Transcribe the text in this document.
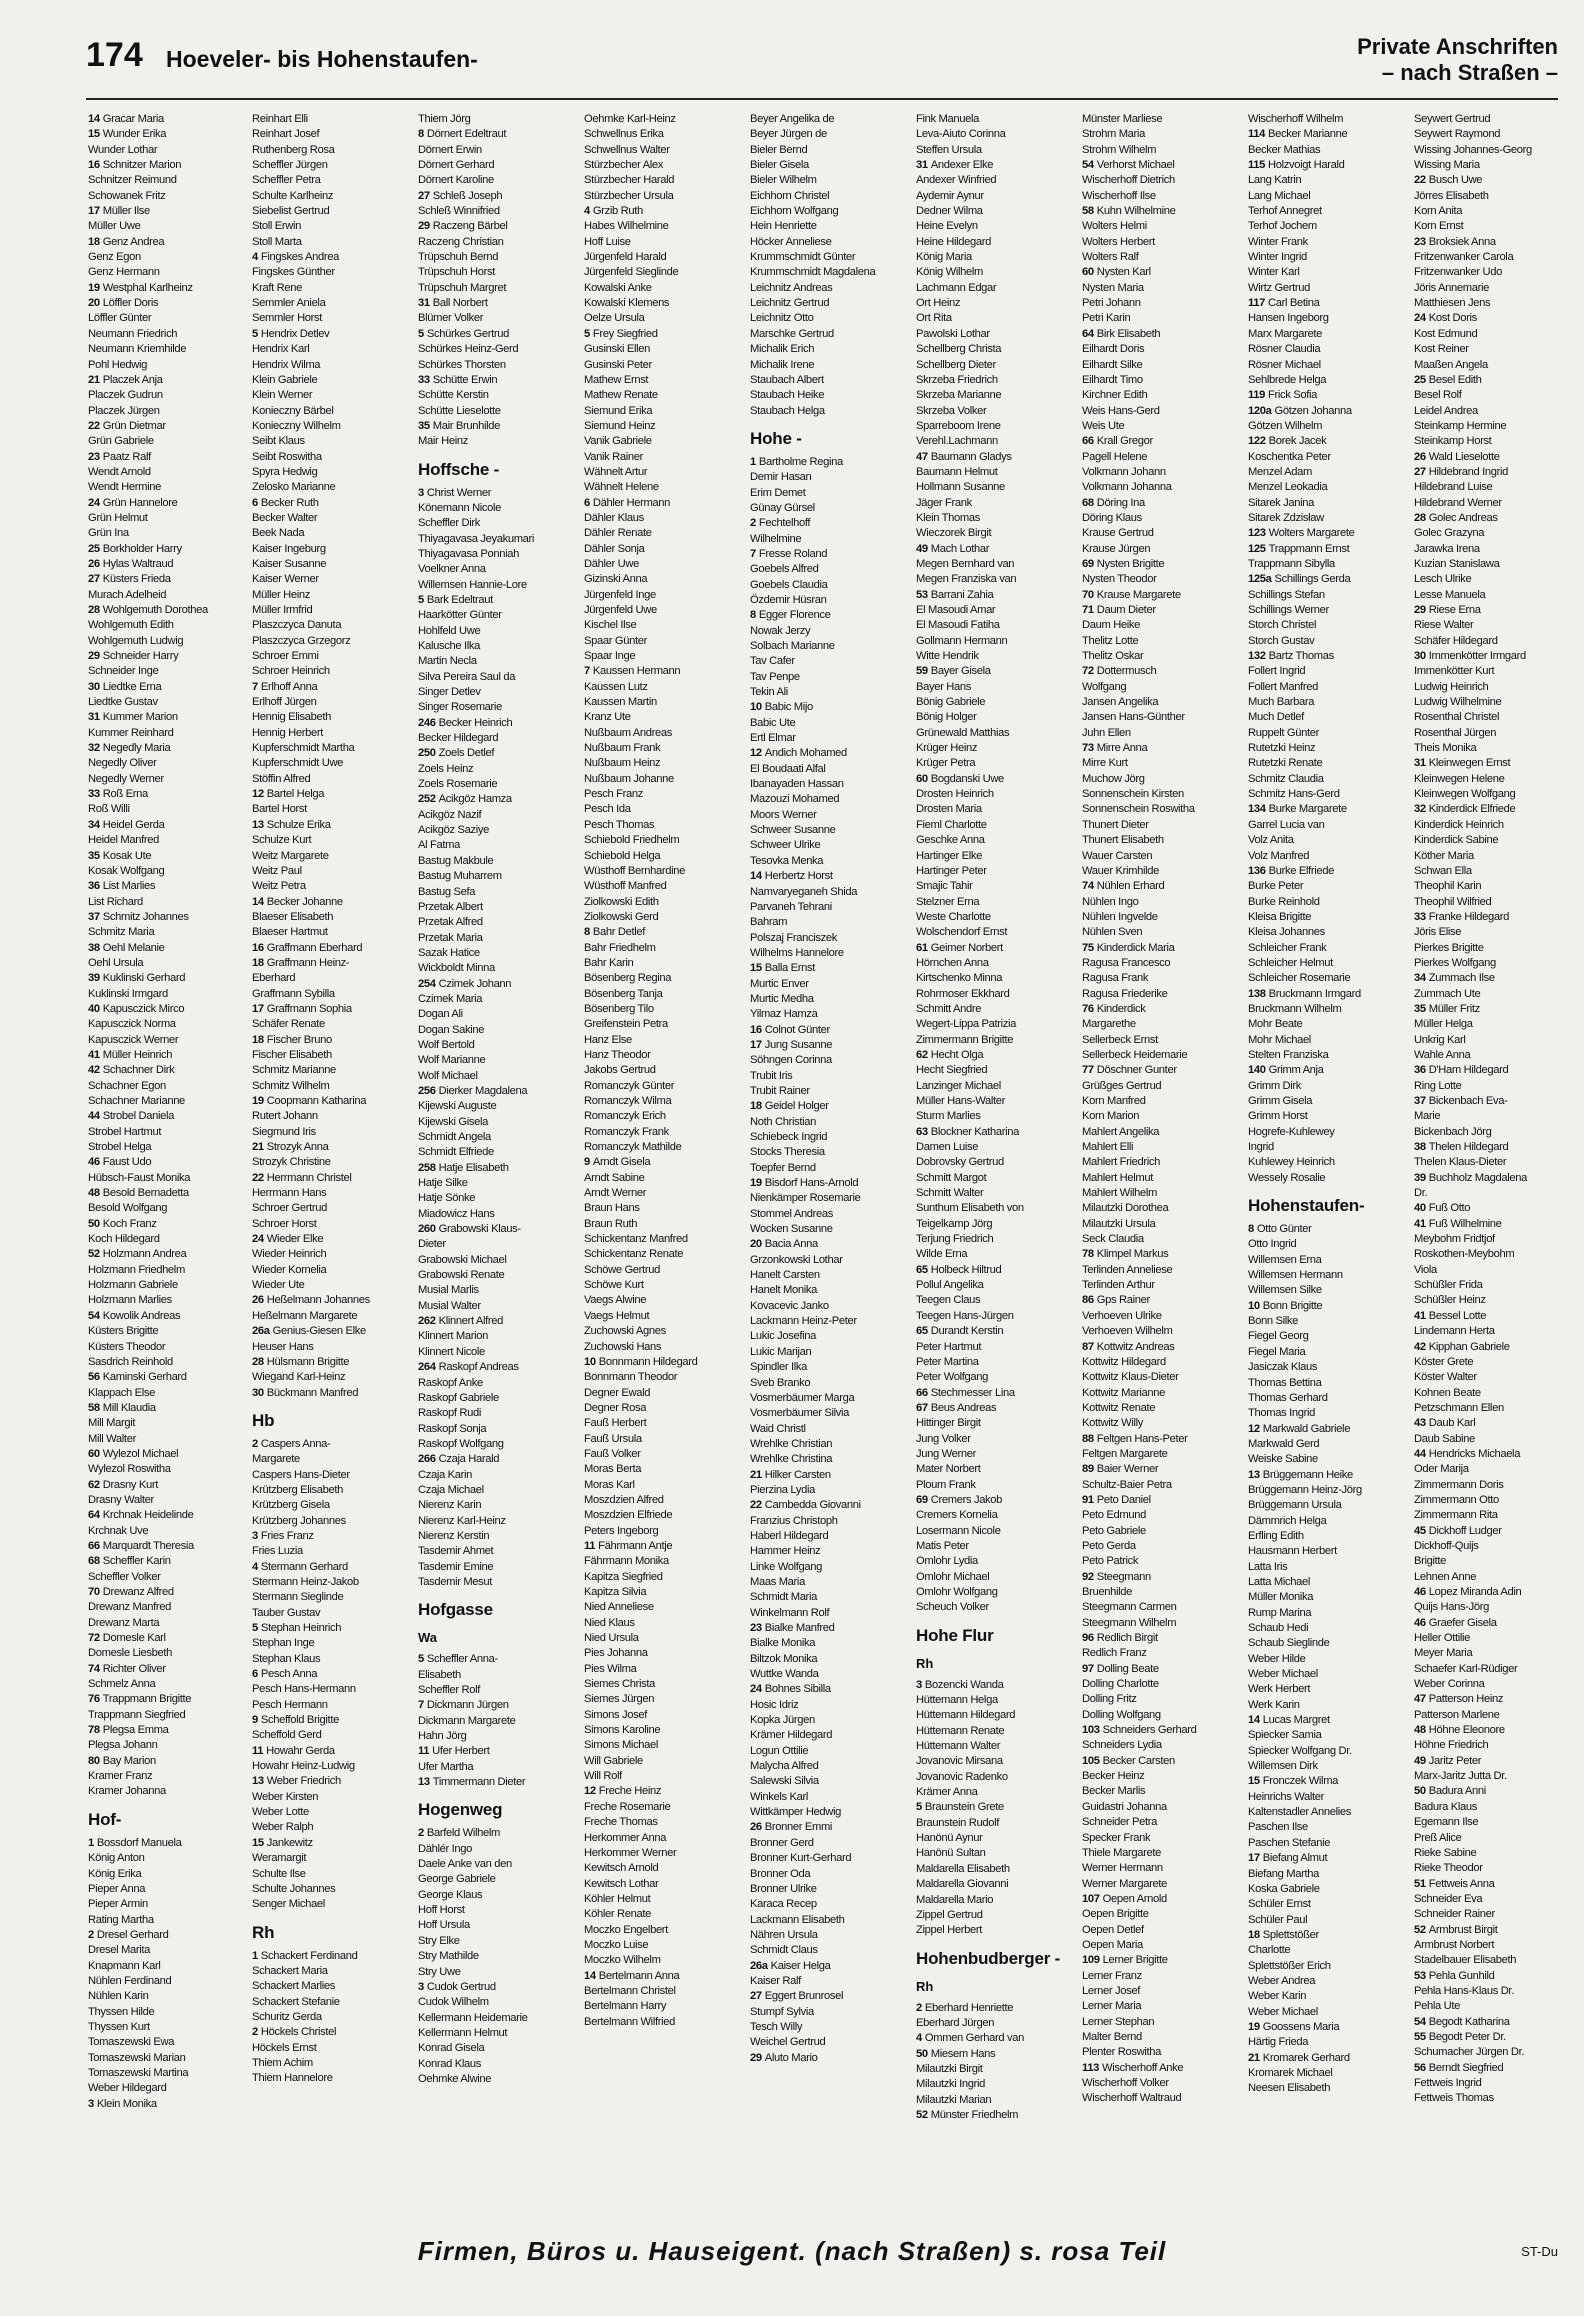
174 Hoeveler- bis Hohenstaufen-	Private Anschriften
– nach Straßen –
14 Gracar Maria
15 Wunder Erika
Wunder Lothar
16 Schnitzer Marion
Schnitzer Reimund
Schowanek Fritz
17 Müller Ilse
Müller Uwe
18 Genz Andrea
Genz Egon
Genz Hermann
19 Westphal Karlheinz
20 Löffler Doris
Löffler Günter
Neumann Friedrich
Neumann Kriemhilde
Pohl Hedwig
21 Placzek Anja
Placzek Gudrun
Placzek Jürgen
22 Grün Dietmar
Grün Gabriele
23 Paatz Ralf
Wendt Arnold
Wendt Hermine
24 Grün Hannelore
Grün Helmut
Grün Ina
25 Borkholder Harry
26 Hylas Waltraud
27 Küsters Frieda
Murach Adelheid
28 Wohlgemuth Dorothea
Wohlgemuth Edith
Wohlgemuth Ludwig
29 Schneider Harry
Schneider Inge
30 Liedtke Erna
Liedtke Gustav
31 Kummer Marion
Kummer Reinhard
32 Negedly Maria
Negedly Oliver
Negedly Werner
33 Roß Erna
Roß Willi
34 Heidel Gerda
Heidel Manfred
35 Kosak Ute
Kosak Wolfgang
36 List Marlies
List Richard
37 Schmitz Johannes
Schmitz Maria
38 Oehl Melanie
Oehl Ursula
39 Kuklinski Gerhard
Kuklinski Irmgard
40 Kapusczick Mirco
Kapusczick Norma
Kapusczick Werner
41 Müller Heinrich
42 Schachner Dirk
Schachner Egon
Schachner Marianne
44 Strobel Daniela
Strobel Hartmut
Strobel Helga
46 Faust Udo
Hübsch-Faust Monika
48 Besold Bernadetta
Besold Wolfgang
50 Koch Franz
Koch Hildegard
52 Holzmann Andrea
Holzmann Friedhelm
Holzmann Gabriele
Holzmann Marlies
54 Kowolik Andreas
Küsters Brigitte
Küsters Theodor
Sasdrich Reinhold
56 Kaminski Gerhard
Klappach Else
58 Mill Klaudia
Mill Margit
Mill Walter
60 Wylezol Michael
Wylezol Roswitha
62 Drasny Kurt
Drasny Walter
64 Krchnak Heidelinde
Krchnak Uve
66 Marquardt Theresia
68 Scheffler Karin
Scheffler Volker
70 Drewanz Alfred
Drewanz Manfred
Drewanz Marta
72 Domesle Karl
Domesle Liesbeth
74 Richter Oliver
Schmelz Anna
76 Trappmann Brigitte
Trappmann Siegfried
78 Plegsa Emma
Plegsa Johann
80 Bay Marion
Kramer Franz
Kramer Johanna
Hof-
1 Bossdorf Manuela
König Anton
König Erika
Pieper Anna
Pieper Armin
Rating Martha
2 Dresel Gerhard
Dresel Marita
Knapmann Karl
Nühlen Ferdinand
Nühlen Karin
Thyssen Hilde
Thyssen Kurt
Tomaszewski Ewa
Tomaszewski Marian
Tomaszewski Martina
Weber Hildegard
3 Klein Monika
Reinhart Elli
Reinhart Josef
Ruthenberg Rosa
Scheffler Jürgen
Scheffler Petra
Schulte Karlheinz
Siebelist Gertrud
Stoll Erwin
Stoll Marta
4 Fingskes Andrea
Fingskes Günther
Kraft Rene
Semmler Aniela
Semmler Horst
5 Hendrix Detlev
Hendrix Karl
Hendrix Wilma
Klein Gabriele
Klein Werner
Konieczny Bärbel
Konieczny Wilhelm
Seibt Klaus
Seibt Roswitha
Spyra Hedwig
Zelosko Marianne
6 Becker Ruth
Becker Walter
Beek Nada
Kaiser Ingeburg
Kaiser Susanne
Kaiser Werner
Müller Heinz
Müller Irmfrid
Plaszczyca Danuta
Plaszczyca Grzegorz
Schroer Emmi
Schroer Heinrich
7 Erlhoff Anna
Erlhoff Jürgen
Hennig Elisabeth
Hennig Herbert
Kupferschmidt Martha
Kupferschmidt Uwe
Stöffin Alfred
12 Bartel Helga
Bartel Horst
13 Schulze Erika
Schulze Kurt
Weitz Margarete
Weitz Paul
Weitz Petra
14 Becker Johanne
Blaeser Elisabeth
Blaeser Hartmut
16 Graffmann Eberhard
18 Graffmann Heinz-
Eberhard
Graffmann Sybilla
17 Graffmann Sophia
Schäfer Renate
18 Fischer Bruno
Fischer Elisabeth
Schmitz Marianne
Schmitz Wilhelm
19 Coopmann Katharina
Rutert Johann
Siegmund Iris
21 Strozyk Anna
Strozyk Christine
22 Herrmann Christel
Herrmann Hans
Schroer Gertrud
Schroer Horst
24 Wieder Elke
Wieder Heinrich
Wieder Kornelia
Wieder Ute
26 Heßelmann Johannes
Heßelmann Margarete
26a Genius-Giesen Elke
Heuser Hans
28 Hülsmann Brigitte
Wiegand Karl-Heinz
30 Bückmann Manfred
Hb
2 Caspers Anna-
Margarete
Caspers Hans-Dieter
Krützberg Elisabeth
Krützberg Gisela
Krützberg Johannes
3 Fries Franz
Fries Luzia
4 Stermann Gerhard
Stermann Heinz-Jakob
Stermann Sieglinde
Tauber Gustav
5 Stephan Heinrich
Stephan Inge
Stephan Klaus
6 Pesch Anna
Pesch Hans-Hermann
Pesch Hermann
9 Scheffold Brigitte
Scheffold Gerd
11 Howahr Gerda
Howahr Heinz-Ludwig
13 Weber Friedrich
Weber Kirsten
Weber Lotte
Weber Ralph
15 Jankewitz
Weramargit
Schulte Ilse
Schulte Johannes
Senger Michael
Rh
1 Schackert Ferdinand
Schackert Maria
Schackert Marlies
Schackert Stefanie
Schuritz Gerda
2 Höckels Christel
Höckels Ernst
Thiem Achim
Thiem Hannelore
Thiem Jörg
8 Dörnert Edeltraut
Dörnert Erwin
Dörnert Gerhard
Dörnert Karoline
27 Schleß Joseph
Schleß Winnifried
29 Raczeng Bärbel
Raczeng Christian
Trüpschuh Bernd
Trüpschuh Horst
Trüpschuh Margret
31 Ball Norbert
Blümer Volker
5 Schürkes Gertrud
Schürkes Heinz-Gerd
Schürkes Thorsten
33 Schütte Erwin
Schütte Kerstin
Schütte Lieselotte
35 Mair Brunhilde
Mair Heinz
Hoffsche -
3 Christ Werner
Könemann Nicole
Scheffler Dirk
Thiyagavasa Jeyakumari
Thiyagavasa Ponniah
Voelkner Anna
Willemsen Hannie-Lore
5 Bark Edeltraut
Haarkötter Günter
Hohlfeld Uwe
Kalusche Ilka
Martin Necla
Silva Pereira Saul da
Singer Detlev
Singer Rosemarie
246 Becker Heinrich
Becker Hildegard
250 Zoels Detlef
Zoels Heinz
Zoels Rosemarie
252 Acikgöz Hamza
Acikgöz Nazif
Acikgöz Saziye
Al Fatma
Bastug Makbule
Bastug Muharrem
Bastug Sefa
Przetak Albert
Przetak Alfred
Przetak Maria
Sazak Hatice
Wickboldt Minna
254 Czimek Johann
Czimek Maria
Dogan Ali
Dogan Sakine
Wolf Bertold
Wolf Marianne
Wolf Michael
256 Dierker Magdalena
Kijewski Auguste
Kijewski Gisela
Schmidt Angela
Schmidt Elfriede
258 Hatje Elisabeth
Hatje Silke
Hatje Sönke
Miadowicz Hans
260 Grabowski Klaus-
Dieter
Grabowski Michael
Grabowski Renate
Musial Marlis
Musial Walter
262 Klinnert Alfred
Klinnert Marion
Klinnert Nicole
264 Raskopf Andreas
Raskopf Anke
Raskopf Gabriele
Raskopf Rudi
Raskopf Sonja
Raskopf Wolfgang
266 Czaja Harald
Czaja Karin
Czaja Michael
Nierenz Karin
Nierenz Karl-Heinz
Nierenz Kerstin
Tasdemir Ahmet
Tasdemir Emine
Tasdemir Mesut
Hofgasse
Wa
5 Scheffler Anna-
Elisabeth
Scheffler Rolf
7 Dickmann Jürgen
Dickmann Margarete
Hahn Jörg
11 Ufer Herbert
Ufer Martha
13 Timmermann Dieter
Hogenweg
2 Barfeld Wilhelm
Dählér Ingo
Daele Anke van den
George Gabriele
George Klaus
Hoff Horst
Hoff Ursula
Stry Elke
Stry Mathilde
Stry Uwe
3 Cudok Gertrud
Cudok Wilhelm
Kellermann Heidemarie
Kellermann Helmut
Konrad Gisela
Konrad Klaus
Oehmke Alwine
Oehmke Karl-Heinz
Schwellnus Erika
Schwellnus Walter
Stürzbecher Alex
Stürzbecher Harald
Stürzbecher Ursula
4 Grzib Ruth
Habes Wilhelmine
Hoff Luise
Jürgenfeld Harald
Jürgenfeld Sieglinde
Kowalski Anke
Kowalski Klemens
Oelze Ursula
5 Frey Siegfried
Gusinski Ellen
Gusinski Peter
Mathew Ernst
Mathew Renate
Siemund Erika
Siemund Heinz
Vanik Gabriele
Vanik Rainer
Wähnelt Artur
Wähnelt Helene
6 Dähler Hermann
Dähler Klaus
Dähler Renate
Dähler Sonja
Dähler Uwe
Gizinski Anna
Jürgenfeld Inge
Jürgenfeld Uwe
Kischel Ilse
Spaar Günter
Spaar Inge
7 Kaussen Hermann
Kaussen Lutz
Kaussen Martin
Kranz Ute
Nußbaum Andreas
Nußbaum Frank
Nußbaum Heinz
Nußbaum Johanne
Pesch Franz
Pesch Ida
Pesch Thomas
Schiebold Friedhelm
Schiebold Helga
Wüsthoff Bernhardine
Wüsthoff Manfred
Ziolkowski Edith
Ziolkowski Gerd
8 Bahr Detlef
Bahr Friedhelm
Bahr Karin
Bösenberg Regina
Bösenberg Tanja
Bösenberg Tilo
Greifenstein Petra
Hanz Else
Hanz Theodor
Jakobs Gertrud
Romanczyk Günter
Romanczyk Wilma
Romanczyk Erich
Romanczyk Frank
Romanczyk Mathilde
9 Arndt Gisela
Arndt Sabine
Arndt Werner
Braun Hans
Braun Ruth
Schickentanz Manfred
Schickentanz Renate
Schöwe Gertrud
Schöwe Kurt
Vaegs Alwine
Vaegs Helmut
Zuchowski Agnes
Zuchowski Hans
10 Bonnmann Hildegard
Bonnmann Theodor
Degner Ewald
Degner Rosa
Fauß Herbert
Fauß Ursula
Fauß Volker
Moras Berta
Moras Karl
Moszdzien Alfred
Moszdzien Elfriede
Peters Ingeborg
11 Fährmann Antje
Fährmann Monika
Kapitza Siegfried
Kapitza Silvia
Nied Anneliese
Nied Klaus
Nied Ursula
Pies Johanna
Pies Wilma
Siemes Christa
Siemes Jürgen
Simons Josef
Simons Karoline
Simons Michael
Will Gabriele
Will Rolf
12 Freche Heinz
Freche Rosemarie
Freche Thomas
Herkommer Anna
Herkommer Werner
Kewitsch Arnold
Kewitsch Lothar
Köhler Helmut
Köhler Renate
Moczko Engelbert
Moczko Luise
Moczko Wilhelm
14 Bertelmann Anna
Bertelmann Christel
Bertelmann Harry
Bertelmann Wilfried
Beyer Angelika de
Beyer Jürgen de
Bieler Bernd
Bieler Gisela
Bieler Wilhelm
Eichhorn Christel
Eichhorn Wolfgang
Hein Henriette
Höcker Anneliese
Krummschmidt Günter
Krummschmidt Magdalena
Leichnitz Andreas
Leichnitz Gertrud
Leichnitz Otto
Marschke Gertrud
Michalik Erich
Michalik Irene
Staubach Albert
Staubach Heike
Staubach Helga
Hohe -
1 Bartholme Regina
Demir Hasan
Erim Demet
Günay Gürsel
2 Fechtelhoff
Wilhelmine
7 Fresse Roland
Goebels Alfred
Goebels Claudia
Özdemir Hüsran
8 Egger Florence
Nowak Jerzy
Solbach Marianne
Tav Cafer
Tav Penpe
Tekin Ali
10 Babic Mijo
Babic Ute
Ertl Elmar
12 Andich Mohamed
El Boudaati Alfal
Ibanayaden Hassan
Mazouzi Mohamed
Moors Werner
Schweer Susanne
Schweer Ulrike
Tesovka Menka
14 Herbertz Horst
Namvaryeganeh Shida
Parvaneh Tehrani
Bahram
Polszaj Franciszek
Wilhelms Hannelore
15 Balla Ernst
Murtic Enver
Murtic Medha
Yilmaz Hamza
16 Colnot Günter
17 Jung Susanne
Söhngen Corinna
Trubit Iris
Trubit Rainer
18 Geidel Holger
Noth Christian
Schiebeck Ingrid
Stocks Theresia
Toepfer Bernd
19 Bisdorf Hans-Arnold
Nienkämper Rosemarie
Stommel Andreas
Wocken Susanne
20 Bacia Anna
Grzonkowski Lothar
Hanelt Carsten
Hanelt Monika
Kovacevic Janko
Lackmann Heinz-Peter
Lukic Josefina
Lukic Marijan
Spindler Ilka
Sveb Branko
Vosmerbäumer Marga
Vosmerbäumer Silvia
Waid Christl
Wrehlke Christian
Wrehlke Christina
21 Hilker Carsten
Pierzina Lydia
22 Cambedda Giovanni
Franzius Christoph
Haberl Hildegard
Hammer Heinz
Linke Wolfgang
Maas Maria
Schmidt Maria
Winkelmann Rolf
23 Bialke Manfred
Bialke Monika
Biltzok Monika
Wuttke Wanda
24 Bohnes Sibilla
Hosic Idriz
Kopka Jürgen
Krämer Hildegard
Logun Ottilie
Malycha Alfred
Salewski Silvia
Winkels Karl
Wittkämper Hedwig
26 Bronner Emmi
Bronner Gerd
Bronner Kurt-Gerhard
Bronner Oda
Bronner Ulrike
Karaca Recep
Lackmann Elisabeth
Nähren Ursula
Schmidt Claus
26a Kaiser Helga
Kaiser Ralf
27 Eggert Brunrosel
Stumpf Sylvia
Tesch Willy
Weichel Gertrud
29 Aluto Mario
Fink Manuela
Leva-Aiuto Corinna
Steffen Ursula
31 Andexer Elke
Andexer Winfried
Aydemir Aynur
Dedner Wilma
Heine Evelyn
Heine Hildegard
König Maria
König Wilhelm
Lachmann Edgar
Ort Heinz
Ort Rita
Pawolski Lothar
Schellberg Christa
Schellberg Dieter
Skrzeba Friedrich
Skrzeba Marianne
Skrzeba Volker
Sparreboom Irene
Verehl.Lachmann
47 Baumann Gladys
Baumann Helmut
Hollmann Susanne
Jäger Frank
Klein Thomas
Wieczorek Birgit
49 Mach Lothar
Megen Bernhard van
Megen Franziska van
53 Barrani Zahia
El Masoudi Amar
El Masoudi Fatiha
Gollmann Hermann
Witte Hendrik
59 Bayer Gisela
Bayer Hans
Bönig Gabriele
Bönig Holger
Grünewald Matthias
Krüger Heinz
Krüger Petra
60 Bogdanski Uwe
Drosten Heinrich
Drosten Maria
Fieml Charlotte
Geschke Anna
Hartinger Elke
Hartinger Peter
Smajic Tahir
Stelzner Erna
Weste Charlotte
Wolschendorf Ernst
61 Geimer Norbert
Hörnchen Anna
Kirtschenko Minna
Rohrmoser Ekkhard
Schmitt Andre
Wegert-Lippa Patrizia
Zimmermann Brigitte
62 Hecht Olga
Hecht Siegfried
Lanzinger Michael
Müller Hans-Walter
Sturm Marlies
63 Blockner Katharina
Damen Luise
Dobrovsky Gertrud
Schmitt Margot
Schmitt Walter
Sunthum Elisabeth von
Teigelkamp Jörg
Terjung Friedrich
Wilde Erna
65 Holbeck Hiltrud
Pollul Angelika
Teegen Claus
Teegen Hans-Jürgen
65 Durandt Kerstin
Peter Hartmut
Peter Martina
Peter Wolfgang
66 Stechmesser Lina
67 Beus Andreas
Hittinger Birgit
Jung Volker
Jung Werner
Mater Norbert
Ploum Frank
69 Cremers Jakob
Cremers Kornelia
Losermann Nicole
Matis Peter
Omlohr Lydia
Omlohr Michael
Omlohr Wolfgang
Scheuch Volker
Hohe Flur
Rh
3 Bozencki Wanda
Hüttemann Helga
Hüttemann Hildegard
Hüttemann Renate
Hüttemann Walter
Jovanovic Mirsana
Jovanovic Radenko
Krämer Anna
5 Braunstein Grete
Braunstein Rudolf
Hanönü Aynur
Hanönü Sultan
Maldarella Elisabeth
Maldarella Giovanni
Maldarella Mario
Zippel Gertrud
Zippel Herbert
Hohenbudberger -
Rh
2 Eberhard Henriette
Eberhard Jürgen
4 Ommen Gerhard van
50 Miesem Hans
Milautzki Birgit
Milautzki Ingrid
Milautzki Marian
52 Münster Friedhelm
Münster Marliese
Strohm Maria
Strohm Wilhelm
54 Verhorst Michael
Wischerhoff Dietrich
Wischerhoff Ilse
58 Kuhn Wilhelmine
Wolters Helmi
Wolters Herbert
Wolters Ralf
60 Nysten Karl
Nysten Maria
Petri Johann
Petri Karin
64 Birk Elisabeth
Eilhardt Doris
Eilhardt Silke
Eilhardt Timo
Kirchner Edith
Weis Hans-Gerd
Weis Ute
66 Krall Gregor
Pagell Helene
Volkmann Johann
Volkmann Johanna
68 Döring Ina
Döring Klaus
Krause Gertrud
Krause Jürgen
69 Nysten Brigitte
Nysten Theodor
70 Krause Margarete
71 Daum Dieter
Daum Heike
Thelitz Lotte
Thelitz Oskar
72 Dottermusch
Wolfgang
Jansen Angelika
Jansen Hans-Günther
Juhn Ellen
73 Mirre Anna
Mirre Kurt
Muchow Jörg
Sonnenschein Kirsten
Sonnenschein Roswitha
Thunert Dieter
Thunert Elisabeth
Wauer Carsten
Wauer Krimhilde
74 Nühlen Erhard
Nühlen Ingo
Nühlen Ingvelde
Nühlen Sven
75 Kinderdick Maria
Ragusa Francesco
Ragusa Frank
Ragusa Friederike
76 Kinderdick
Margarethe
Sellerbeck Ernst
Sellerbeck Heidemarie
77 Döschner Gunter
Grüßges Gertrud
Korn Manfred
Korn Marion
Mahlert Angelika
Mahlert Elli
Mahlert Friedrich
Mahlert Helmut
Mahlert Wilhelm
Milautzki Dorothea
Milautzki Ursula
Seck Claudia
78 Klimpel Markus
Terlinden Anneliese
Terlinden Arthur
86 Gps Rainer
Verhoeven Ulrike
Verhoeven Wilhelm
87 Kottwitz Andreas
Kottwitz Hildegard
Kottwitz Klaus-Dieter
Kottwitz Marianne
Kottwitz Renate
Kottwitz Willy
88 Feltgen Hans-Peter
Feltgen Margarete
89 Baier Werner
Schultz-Baier Petra
91 Peto Daniel
Peto Edmund
Peto Gabriele
Peto Gerda
Peto Patrick
92 Steegmann
Bruenhilde
Steegmann Carmen
Steegmann Wilhelm
96 Redlich Birgit
Redlich Franz
97 Dolling Beate
Dolling Charlotte
Dolling Fritz
Dolling Wolfgang
103 Schneiders Gerhard
Schneiders Lydia
105 Becker Carsten
Becker Heinz
Becker Marlis
Guidastri Johanna
Schneider Petra
Specker Frank
Thiele Margarete
Werner Hermann
Werner Margarete
107 Oepen Arnold
Oepen Brigitte
Oepen Detlef
Oepen Maria
109 Lerner Brigitte
Lerner Franz
Lerner Josef
Lerner Maria
Lerner Stephan
Malter Bernd
Plenter Roswitha
113 Wischerhoff Anke
Wischerhoff Volker
Wischerhoff Waltraud
Wischerhoff Wilhelm
114 Becker Marianne
Becker Mathias
115 Holzvoigt Harald
Lang Katrin
Lang Michael
Terhof Annegret
Terhof Jochem
Winter Frank
Winter Ingrid
Winter Karl
Wirtz Gertrud
117 Carl Betina
Hansen Ingeborg
Marx Margarete
Rösner Claudia
Rösner Michael
Sehlbrede Helga
119 Frick Sofia
120a Götzen Johanna
Götzen Wilhelm
122 Borek Jacek
Koschentka Peter
Menzel Adam
Menzel Leokadia
Sitarek Janina
Sitarek Zdzisław
123 Wolters Margarete
125 Trappmann Ernst
Trappmann Sibylla
125a Schillings Gerda
Schillings Stefan
Schillings Werner
Storch Christel
Storch Gustav
132 Bartz Thomas
Follert Ingrid
Follert Manfred
Much Barbara
Much Detlef
Ruppelt Günter
Rutetzki Heinz
Rutetzki Renate
Schmitz Claudia
Schmitz Hans-Gerd
134 Burke Margarete
Garrel Lucia van
Volz Anita
Volz Manfred
136 Burke Elfriede
Burke Peter
Burke Reinhold
Kleisa Brigitte
Kleisa Johannes
Schleicher Frank
Schleicher Helmut
Schleicher Rosemarie
138 Bruckmann Irmgard
Bruckmann Wilhelm
Mohr Beate
Mohr Michael
Stelten Franziska
140 Grimm Anja
Grimm Dirk
Grimm Gisela
Grimm Horst
Hogrefe-Kuhlewey
Ingrid
Kuhlewey Heinrich
Wessely Rosalie
Hohenstaufen-
8 Otto Günter
Otto Ingrid
Willemsen Erna
Willemsen Hermann
Willemsen Silke
10 Bonn Brigitte
Bonn Silke
Fiegel Georg
Fiegel Maria
Jasiczak Klaus
Thomas Bettina
Thomas Gerhard
Thomas Ingrid
12 Markwald Gabriele
Markwald Gerd
Weiske Sabine
13 Brüggemann Heike
Brüggemann Heinz-Jörg
Brüggemann Ursula
Dämmrich Helga
Erfling Edith
Hausmann Herbert
Latta Iris
Latta Michael
Müller Monika
Rump Marina
Schaub Hedi
Schaub Sieglinde
Weber Hilde
Weber Michael
Werk Herbert
Werk Karin
14 Lucas Margret
Spiecker Samia
Spiecker Wolfgang Dr.
Willemsen Dirk
15 Fronczek Wilma
Heinrichs Walter
Kaltenstadler Annelies
Paschen Ilse
Paschen Stefanie
17 Biefang Almut
Biefang Martha
Koska Gabriele
Schüler Ernst
Schüler Paul
18 Splettstößer
Charlotte
Splettstößer Erich
Weber Andrea
Weber Karin
Weber Michael
19 Goossens Maria
Härtig Frieda
21 Kromarek Gerhard
Kromarek Michael
Neesen Elisabeth
Seywert Gertrud
Seywert Raymond
Wissing Johannes-Georg
Wissing Maria
22 Busch Uwe
Jörres Elisabeth
Korn Anita
Korn Ernst
23 Broksiek Anna
Fritzenwanker Carola
Fritzenwanker Udo
Jöris Annemarie
Matthiesen Jens
24 Kost Doris
Kost Edmund
Kost Reiner
Maaßen Angela
25 Besel Edith
Besel Rolf
Leidel Andrea
Steinkamp Hermine
Steinkamp Horst
26 Wald Lieselotte
27 Hildebrand Ingrid
Hildebrand Luise
Hildebrand Werner
28 Golec Andreas
Golec Grazyna
Jarawka Irena
Kuzian Stanislawa
Lesch Ulrike
Lesse Manuela
29 Riese Erna
Riese Walter
Schäfer Hildegard
30 Immenkötter Irmgard
Immenkötter Kurt
Ludwig Heinrich
Ludwig Wilhelmine
Rosenthal Christel
Rosenthal Jürgen
Theis Monika
31 Kleinwegen Ernst
Kleinwegen Helene
Kleinwegen Wolfgang
32 Kinderdick Elfriede
Kinderdick Heinrich
Kinderdick Sabine
Köther Maria
Schwan Ella
Theophil Karin
Theophil Wilfried
33 Franke Hildegard
Jöris Elise
Pierkes Brigitte
Pierkes Wolfgang
34 Zummach Ilse
Zummach Ute
35 Müller Fritz
Müller Helga
Unkrig Karl
Wahle Anna
36 D'Ham Hildegard
Ring Lotte
37 Bickenbach Eva-
Marie
Bickenbach Jörg
38 Thelen Hildegard
Thelen Klaus-Dieter
39 Buchholz Magdalena
Dr.
40 Fuß Otto
41 Fuß Wilhelmine
Meybohm Fridtjof
Roskothen-Meybohm
Viola
Schüßler Frida
Schüßler Heinz
41 Bessel Lotte
Lindemann Herta
42 Kipphan Gabriele
Köster Grete
Köster Walter
Kohnen Beate
Petzschmann Ellen
43 Daub Karl
Daub Sabine
44 Hendricks Michaela
Oder Marija
Zimmermann Doris
Zimmermann Otto
Zimmermann Rita
45 Dickhoff Ludger
Dickhoff-Quijs
Brigitte
Lehnen Anne
46 Lopez Miranda Adin
Quijs Hans-Jörg
46 Graefer Gisela
Heller Ottilie
Meyer Maria
Schaefer Karl-Rüdiger
Weber Corinna
47 Patterson Heinz
Patterson Marlene
48 Höhne Eleonore
Höhne Friedrich
49 Jaritz Peter
Marx-Jaritz Jutta Dr.
50 Badura Anni
Badura Klaus
Egemann Ilse
Preß Alice
Rieke Sabine
Rieke Theodor
51 Fettweis Anna
Schneider Eva
Schneider Rainer
52 Armbrust Birgit
Armbrust Norbert
Stadelbauer Elisabeth
53 Pehla Gunhild
Pehla Hans-Klaus Dr.
Pehla Ute
54 Begodt Katharina
55 Begodt Peter Dr.
Schumacher Jürgen Dr.
56 Berndt Siegfried
Fettweis Ingrid
Fettweis Thomas
Firmen, Büros u. Hauseigent. (nach Straßen) s. rosa Teil	ST-Du
